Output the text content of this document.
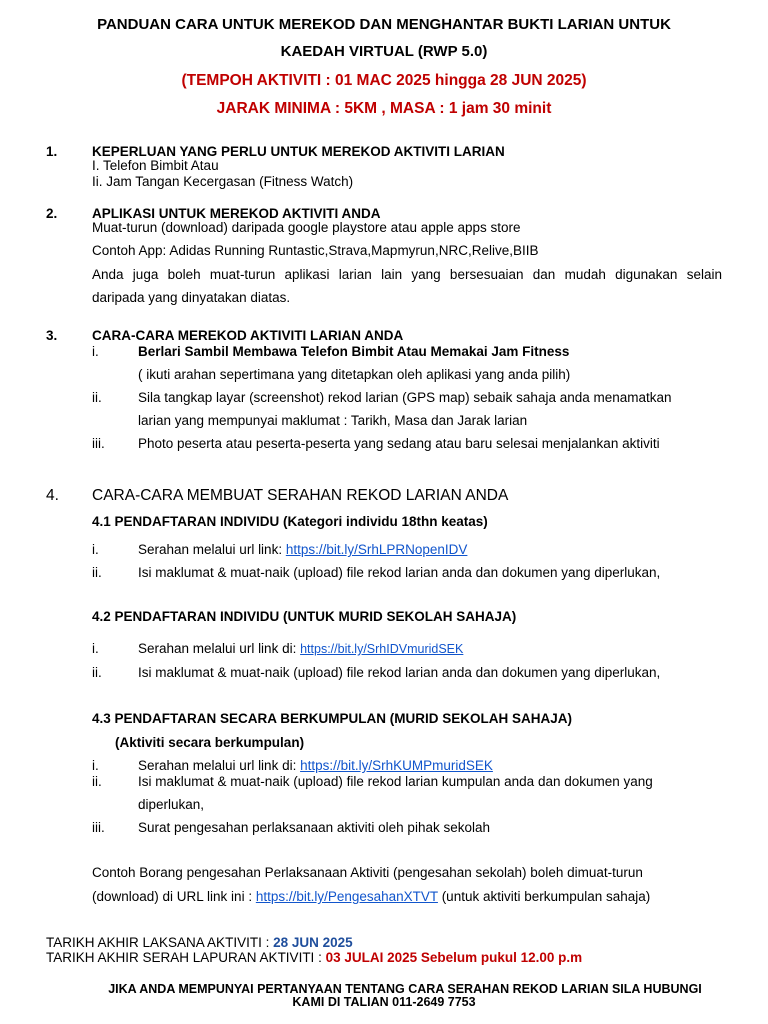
PANDUAN CARA UNTUK MEREKOD DAN MENGHANTAR BUKTI LARIAN UNTUK
KAEDAH VIRTUAL (RWP 5.0)
(TEMPOH AKTIVITI : 01 MAC 2025 hingga 28 JUN 2025)
JARAK MINIMA : 5KM , MASA : 1 jam 30 minit
1.	KEPERLUAN YANG PERLU UNTUK MEREKOD AKTIVITI LARIAN
I. Telefon Bimbit Atau
Ii. Jam Tangan Kecergasan (Fitness Watch)
2.	APLIKASI UNTUK MEREKOD AKTIVITI ANDA
Muat-turun (download) daripada google playstore atau apple apps store
Contoh App: Adidas Running Runtastic,Strava,Mapmyrun,NRC,Relive,BIIB
Anda juga boleh muat-turun aplikasi larian lain yang bersesuaian dan mudah digunakan selain
daripada yang dinyatakan diatas.
3.	CARA-CARA MEREKOD AKTIVITI LARIAN ANDA
i.	Berlari Sambil Membawa Telefon Bimbit Atau Memakai Jam Fitness
( ikuti arahan sepertimana yang ditetapkan oleh aplikasi yang anda pilih)
ii.	Sila tangkap layar (screenshot) rekod larian (GPS map) sebaik sahaja anda menamatkan
larian yang mempunyai maklumat : Tarikh, Masa dan Jarak larian
iii. Photo peserta atau peserta-peserta yang sedang atau baru selesai menjalankan aktiviti
4. CARA-CARA MEMBUAT SERAHAN REKOD LARIAN ANDA
4.1 PENDAFTARAN INDIVIDU (Kategori individu 18thn keatas)
i.	Serahan melalui url link: https://bit.ly/SrhLPRNopenIDV
ii.	Isi maklumat & muat-naik (upload) file rekod larian anda dan dokumen yang diperlukan,
4.2 PENDAFTARAN INDIVIDU (UNTUK MURID SEKOLAH SAHAJA)
i.	Serahan melalui url link di: https://bit.ly/SrhIDVmuridSEK
ii.	Isi maklumat & muat-naik (upload) file rekod larian anda dan dokumen yang diperlukan,
4.3 PENDAFTARAN SECARA BERKUMPULAN (MURID SEKOLAH SAHAJA)
(Aktiviti secara berkumpulan)
i.	Serahan melalui url link di: https://bit.ly/SrhKUMPmuridSEK
ii.	Isi maklumat & muat-naik (upload) file rekod larian kumpulan anda dan dokumen yang
diperlukan,
iii. Surat pengesahan perlaksanaan aktiviti oleh pihak sekolah
Contoh Borang pengesahan Perlaksanaan Aktiviti (pengesahan sekolah) boleh dimuat-turun
(download) di URL link ini : https://bit.ly/PengesahanXTVT (untuk aktiviti berkumpulan sahaja)
TARIKH AKHIR LAKSANA AKTIVITI : 28 JUN 2025
TARIKH AKHIR SERAH LAPURAN AKTIVITI : 03 JULAI 2025 Sebelum pukul 12.00 p.m
JIKA ANDA MEMPUNYAI PERTANYAAN TENTANG CARA SERAHAN REKOD LARIAN SILA HUBUNGI
KAMI DI TALIAN 011-2649 7753
